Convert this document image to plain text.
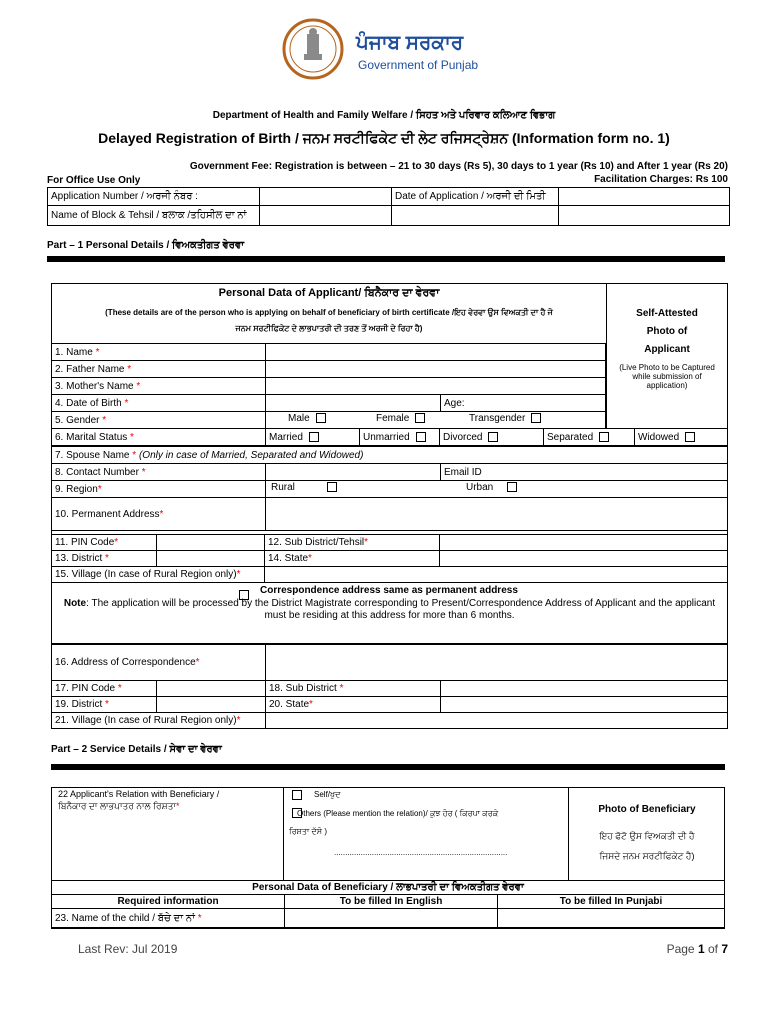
ਪੰਜਾਬ ਸਰਕਾਰ
Government of Punjab
Department of Health and Family Welfare / ਸਿਹਤ ਅਤੇ ਪਰਿਵਾਰ ਕਲਿਆਣ ਵਿਭਾਗ
Delayed Registration of Birth / ਜਨਮ ਸਰਟੀਫਿਕੇਟ ਦੀ ਲੇਟ ਰਜਿਸਟ੍ਰੇਸ਼ਨ (Information form no. 1)
Government Fee: Registration is between – 21 to 30 days (Rs 5), 30 days to 1 year (Rs 10) and After 1 year (Rs 20)
For Office Use Only	Facilitation Charges: Rs 100
Application Number / ਅਰਜੀ ਨੰਬਰ :		Date of Application / ਅਰਜੀ ਦੀ ਮਿਤੀ	
Name of Block & Tehsil / ਬਲਾਕ /ਤਹਿਸੀਲ ਦਾ ਨਾਂ			
Part – 1 Personal Details / ਵਿਅਕਤੀਗਤ ਵੇਰਵਾ
Personal Data of Applicant/ ਬਿਨੈਕਾਰ ਦਾ ਵੇਰਵਾ
(These details are of the person who is applying on behalf of beneficiary of birth certificate /ਇਹ ਵੇਰਵਾ ਉਸ ਵਿਅਕਤੀ ਦਾ ਹੈ ਜੋ
ਜਨਮ ਸਰਟੀਫਿਕੇਟ ਦੇ ਲਾਭਪਾਤਰੀ ਦੀ ਤਰਣ ਤੋਂ ਅਰਜੀ ਦੇ ਰਿਹਾ ਹੈ)
Self-Attested
Photo of
Applicant
(Live Photo to be Captured while submission of application)
1. Name *		
2. Father Name *		
3. Mother's Name *		
4. Date of Birth *		Age:
5. Gender *	Male	Female	Transgender
6. Marital Status *	Married	Unmarried	Divorced	Separated	Widowed
7. Spouse Name * (Only in case of Married, Separated and Widowed)		
8. Contact Number *		Email ID
9. Region*	Rural Urban	

10. Permanent Address*		
11. PIN Code*		12. Sub District/Tehsil*	
13. District *		14. State*	
15. Village (In case of Rural Region only)*			
Correspondence address same as permanent address
Note: The application will be processed by the District Magistrate corresponding to Present/Correspondence Address of Applicant and the applicant
must be residing at this address for more than 6 months.
16. Address of Correspondence*			
17. PIN Code *		18. Sub District *	
19. District *		20. State*	
21. Village (In case of Rural Region only)*			
Part – 2 Service Details / ਸੇਵਾ ਦਾ ਵੇਰਵਾ
22 Applicant's Relation with Beneficiary /
ਬਿਨੈਕਾਰ ਦਾ ਲਾਭਪਾਤਰ ਨਾਲ ਰਿਸ਼ਤਾ*
Self/ਖੁਦ
Others (Please mention the relation)/ ਕੁਝ ਹੋਰ ( ਕਿਰਪਾ ਕਰਕੇ
ਰਿਸ਼ਤਾ ਦੱਸੋ )
..............................................................................
Photo of Beneficiary
ਇਹ ਫੋਟੋ ਉਸ ਵਿਅਕਤੀ ਦੀ ਹੈ
ਜਿਸਦੇ ਜਨਮ ਸਰਟੀਫਿਕੇਟ ਹੈ)
Personal Data of Beneficiary / ਲਾਭਪਾਤਰੀ ਦਾ ਵਿਅਕਤੀਗਤ ਵੇਰਵਾ		
Required information	To be filled In English	To be filled In Punjabi
23. Name of the child / ਬੱਚੇ ਦਾ ਨਾਂ *		
Last Rev: Jul 2019	Page 1 of 7
